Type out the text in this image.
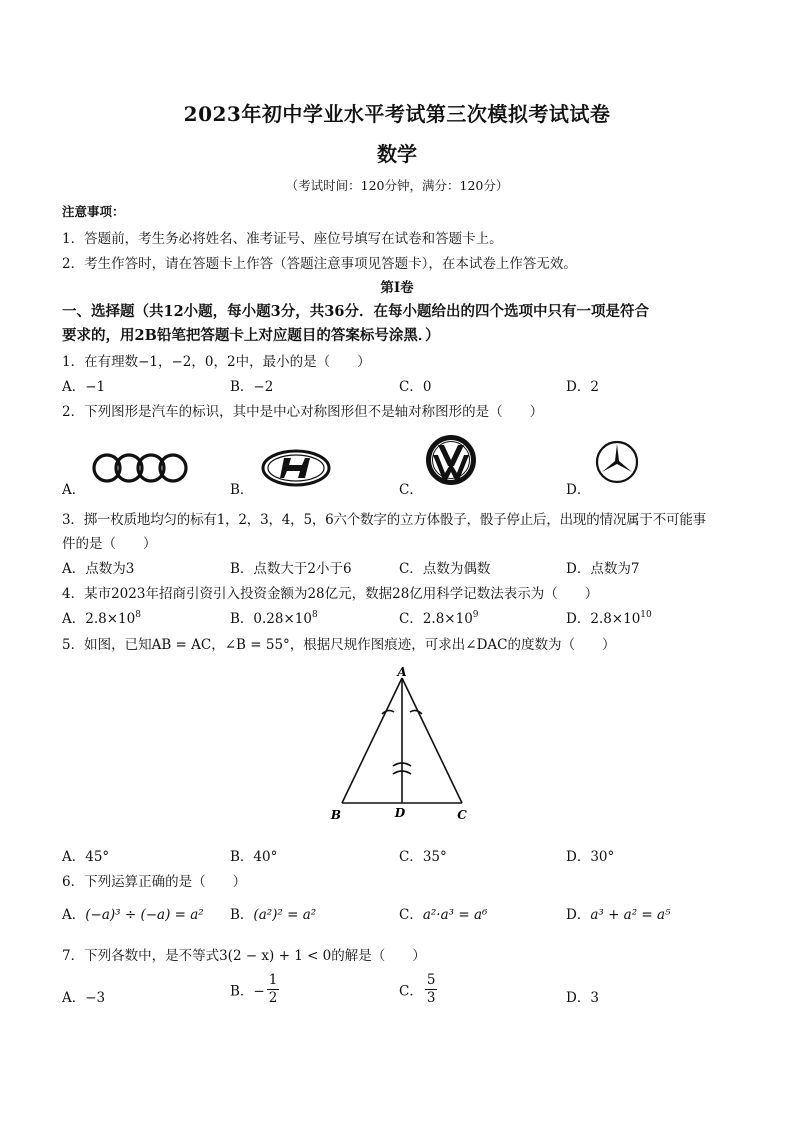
2023年初中学业水平考试第三次模拟考试试卷
数学
（考试时间：120分钟，满分：120分）
注意事项：
1．答题前，考生务必将姓名、准考证号、座位号填写在试卷和答题卡上。
2．考生作答时，请在答题卡上作答（答题注意事项见答题卡），在本试卷上作答无效。
第Ⅰ卷
一、选择题（共12小题，每小题3分，共36分．在每小题给出的四个选项中只有一项是符合
要求的，用2B铅笔把答题卡上对应题目的答案标号涂黑．）
1．在有理数−1，−2，0，2中，最小的是（　　）
A．−1	B．−2	C．0	D．2
2．下列图形是汽车的标识，其中是中心对称图形但不是轴对称图形的是（　　）
A．	B．	C．	D．
3．掷一枚质地均匀的标有1，2，3，4，5，6六个数字的立方体骰子，骰子停止后，出现的情况属于不可能事
件的是（　　）
A．点数为3	B．点数大于2小于6	C．点数为偶数	D．点数为7
4．某市2023年招商引资引入投资金额为28亿元，数据28亿用科学记数法表示为（　　）
A．$2.8\times 10^8$	B．$0.28\times 10^8$	C．$2.8\times 10^9$	D．$2.8\times 10^{10}$
5．如图，已知AB = AC，∠B = 55°，根据尺规作图痕迹，可求出∠DAC的度数为（　　）
A
B	D	C
A．45°	B．40°	C．35°	D．30°
6．下列运算正确的是（　　）
A．(−a)³ ÷ (−a) = a² B．(a²)² = a²	C．a²·a³ = a⁶	D．a³ + a² = a⁵
7．下列各数中，是不等式3(2 − x) + 1 < 0的解是（　　）
A．−3	B．− $\frac{1}{2}$	C． $\frac{5}{3}$	D．3
